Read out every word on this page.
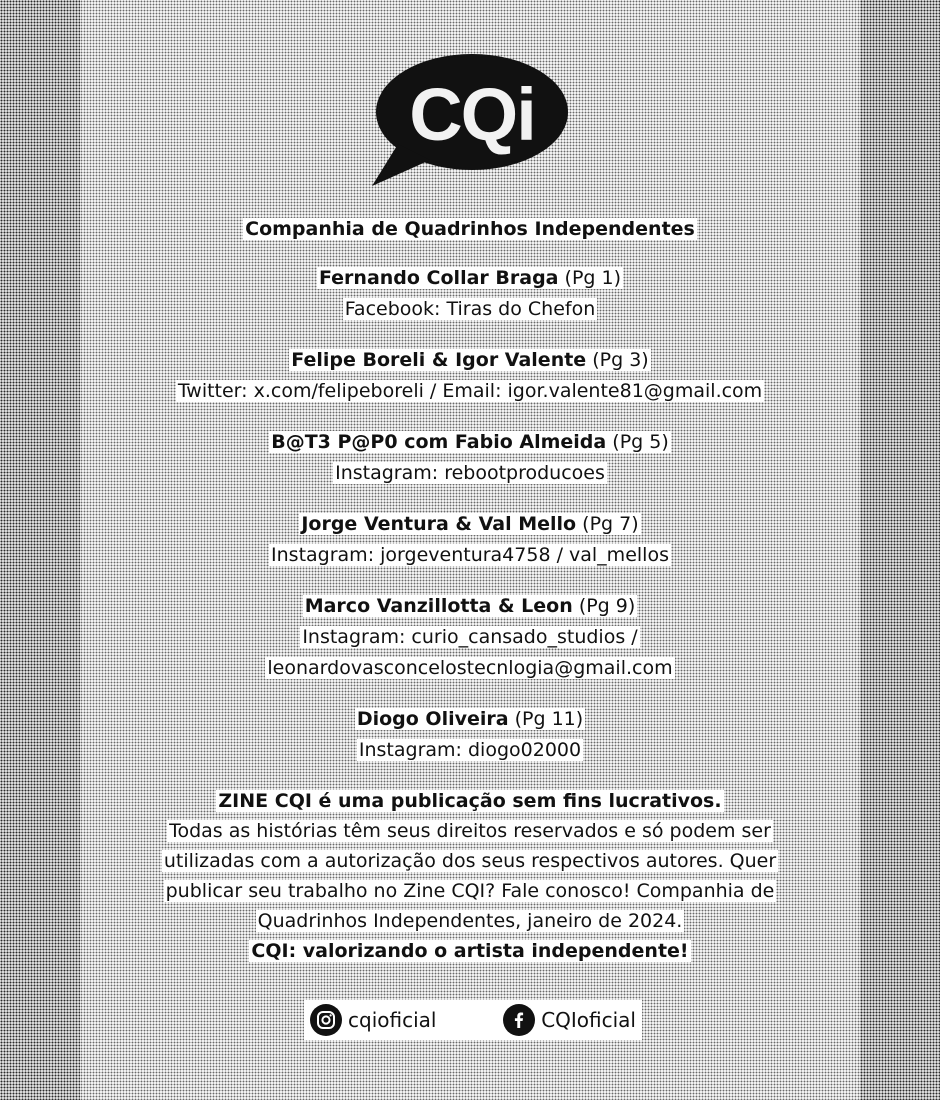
CQi
Companhia de Quadrinhos Independentes
Fernando Collar Braga (Pg 1)
Facebook: Tiras do Chefon
Felipe Boreli & Igor Valente (Pg 3)
Twitter: x.com/felipeboreli / Email: igor.valente81@gmail.com
B@T3 P@P0 com Fabio Almeida (Pg 5)
Instagram: rebootproducoes
Jorge Ventura & Val Mello (Pg 7)
Instagram: jorgeventura4758 / val_mellos
Marco Vanzillotta & Leon (Pg 9)
Instagram: curio_cansado_studios /
leonardovasconcelostecnlogia@gmail.com
Diogo Oliveira (Pg 11)
Instagram: diogo02000
ZINE CQI é uma publicação sem fins lucrativos.
Todas as histórias têm seus direitos reservados e só podem ser
utilizadas com a autorização dos seus respectivos autores. Quer
publicar seu trabalho no Zine CQI? Fale conosco! Companhia de
Quadrinhos Independentes, janeiro de 2024.
CQI: valorizando o artista independente!
cqioficial	CQIoficial
